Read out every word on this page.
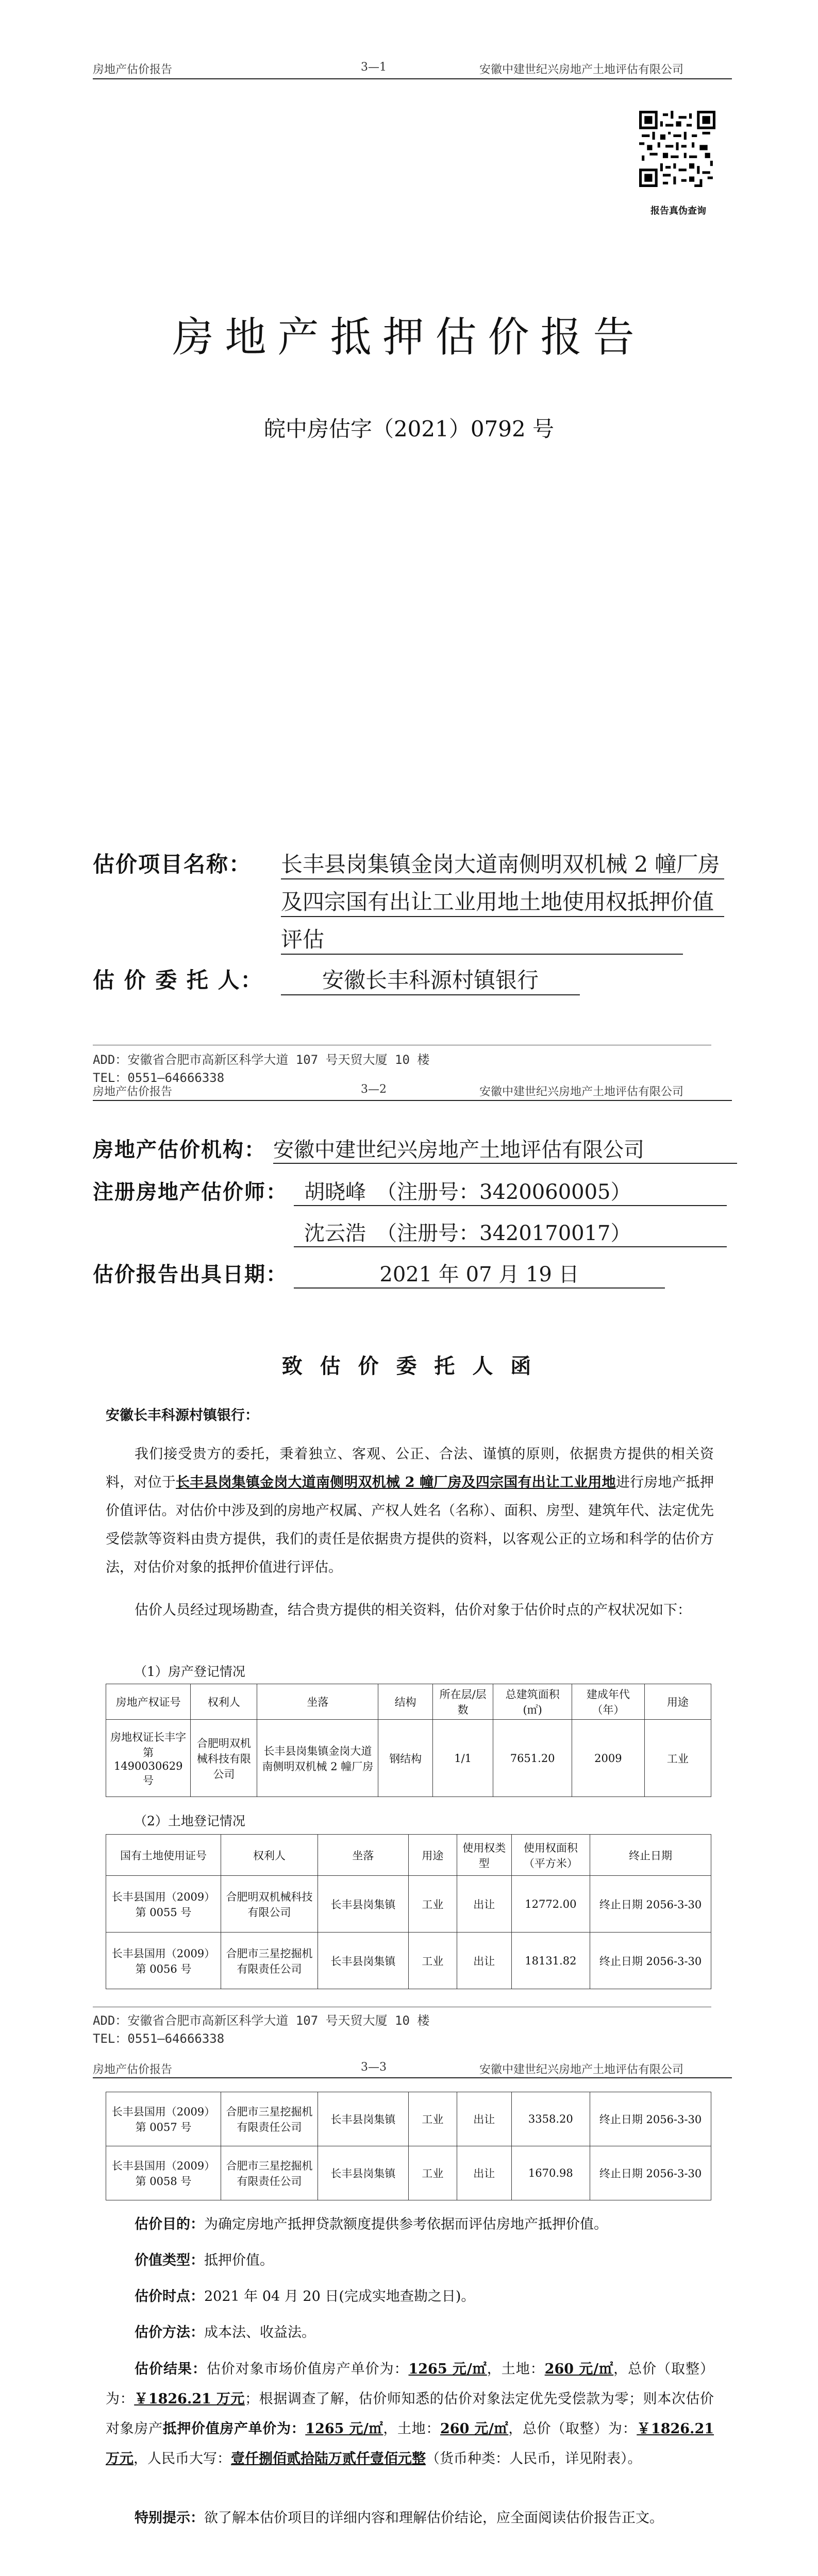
房地产估价报告	3—1	安徽中建世纪兴房地产土地评估有限公司
报告真伪查询
房地产抵押估价报告
皖中房估字（2021）0792 号
估价项目名称： 长丰县岗集镇金岗大道南侧明双机械 2 幢厂房
及四宗国有出让工业用地土地使用权抵押价值
评估
估 价 委 托 人：	安徽长丰科源村镇银行
ADD：安徽省合肥市高新区科学大道 107 号天贸大厦 10 楼
TEL：0551—64666338
房地产估价报告	3—2	安徽中建世纪兴房地产土地评估有限公司
房地产估价机构： 安徽中建世纪兴房地产土地评估有限公司
注册房地产估价师： 胡晓峰　（注册号：3420060005）
沈云浩　（注册号：3420170017）
估价报告出具日期：	2021 年 07 月 19 日
致 估 价 委 托 人 函
安徽长丰科源村镇银行：
我们接受贵方的委托，秉着独立、客观、公正、合法、谨慎的原则，依据贵方提供的相关资料，对位于长丰县岗集镇金岗大道南侧明双机械 2 幢厂房及四宗国有出让工业用地进行房地产抵押价值评估。对估价中涉及到的房地产权属、产权人姓名（名称）、面积、房型、建筑年代、法定优先受偿款等资料由贵方提供，我们的责任是依据贵方提供的资料，以客观公正的立场和科学的估价方法，对估价对象的抵押价值进行评估。
估价人员经过现场勘查，结合贵方提供的相关资料，估价对象于估价时点的产权状况如下：
（1）房产登记情况
房地产权证号	权利人	坐落	结构	所在层/层数	总建筑面积(㎡)	建成年代（年）	用途
房地权证长丰字第 1490030629 号	合肥明双机械科技有限公司	长丰县岗集镇金岗大道南侧明双机械 2 幢厂房	钢结构	1/1	7651.20	2009	工业
（2）土地登记情况
国有土地使用证号	权利人	坐落	用途	使用权类型	使用权面积（平方米）	终止日期
长丰县国用（2009）第 0055 号	合肥明双机械科技有限公司	长丰县岗集镇	工业	出让	12772.00	终止日期 2056-3-30
长丰县国用（2009）第 0056 号	合肥市三星挖掘机有限责任公司	长丰县岗集镇	工业	出让	18131.82	终止日期 2056-3-30
ADD：安徽省合肥市高新区科学大道 107 号天贸大厦 10 楼
TEL：0551—64666338
房地产估价报告	3—3	安徽中建世纪兴房地产土地评估有限公司
长丰县国用（2009）第 0057 号	合肥市三星挖掘机有限责任公司	长丰县岗集镇	工业	出让	3358.20	终止日期 2056-3-30
长丰县国用（2009）第 0058 号	合肥市三星挖掘机有限责任公司	长丰县岗集镇	工业	出让	1670.98	终止日期 2056-3-30
估价目的：为确定房地产抵押贷款额度提供参考依据而评估房地产抵押价值。
价值类型：抵押价值。
估价时点：2021 年 04 月 20 日(完成实地查勘之日)。
估价方法：成本法、收益法。
估价结果：估价对象市场价值房产单价为：1265 元/㎡，土地：260 元/㎡，总价（取整）为：￥1826.21 万元；根据调查了解，估价师知悉的估价对象法定优先受偿款为零；则本次估价对象房产抵押价值房产单价为：1265 元/㎡，土地：260 元/㎡，总价（取整）为：￥1826.21 万元，人民币大写：壹仟捌佰贰拾陆万贰仟壹佰元整（货币种类：人民币，详见附表）。
特别提示：欲了解本估价项目的详细内容和理解估价结论，应全面阅读估价报告正文。
